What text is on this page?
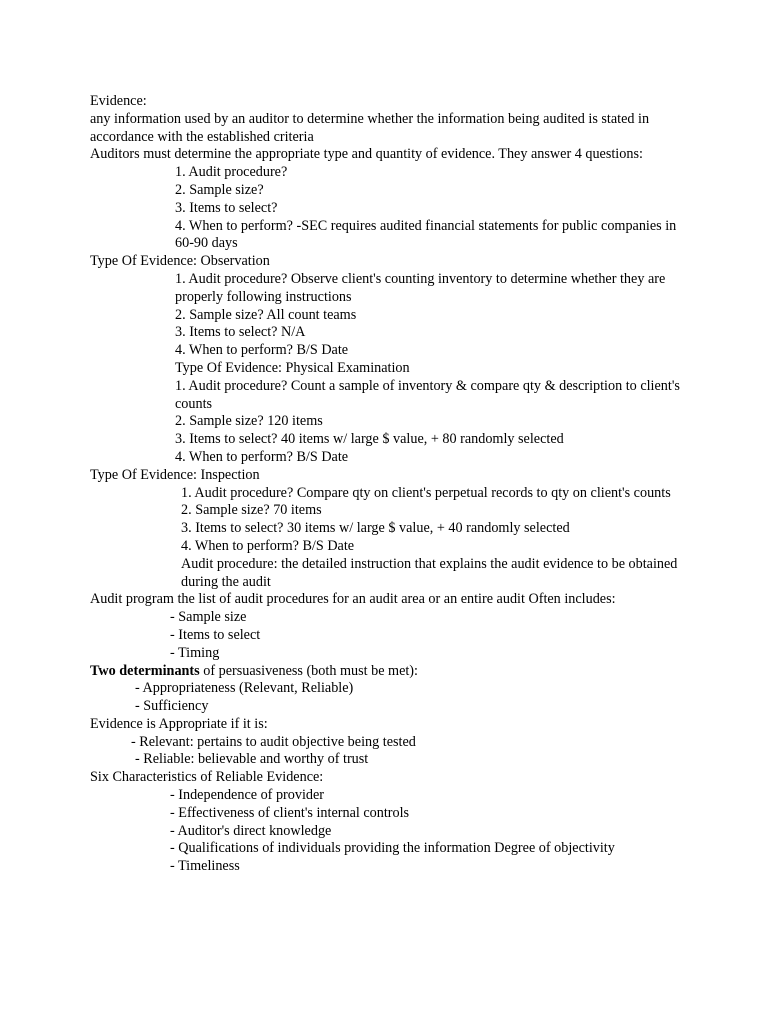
Evidence:

any information used by an auditor to determine whether the information being audited is stated in accordance with the established criteria

Auditors must determine the appropriate type and quantity of evidence. They answer 4 questions:

1. Audit procedure?

2. Sample size?

3. Items to select?

4. When to perform? -SEC requires audited financial statements for public companies in 60-90 days

Type Of Evidence: Observation

1. Audit procedure? Observe client's counting inventory to determine whether they are properly following instructions

2. Sample size? All count teams

3. Items to select? N/A

4. When to perform? B/S Date

Type Of Evidence: Physical Examination

1. Audit procedure? Count a sample of inventory & compare qty & description to client's counts

2. Sample size? 120 items

3. Items to select? 40 items w/ large $ value, + 80 randomly selected

4. When to perform? B/S Date

Type Of Evidence: Inspection

1. Audit procedure? Compare qty on client's perpetual records to qty on client's counts

2. Sample size? 70 items

3. Items to select? 30 items w/ large $ value, + 40 randomly selected

4. When to perform? B/S Date

Audit procedure: the detailed instruction that explains the audit evidence to be obtained during the audit

Audit program the list of audit procedures for an audit area or an entire audit Often includes:

- Sample size

- Items to select

- Timing

Two determinants of persuasiveness (both must be met):

- Appropriateness (Relevant, Reliable)

- Sufficiency

Evidence is Appropriate if it is:

- Relevant: pertains to audit objective being tested

- Reliable: believable and worthy of trust

Six Characteristics of Reliable Evidence:

- Independence of provider

- Effectiveness of client's internal controls

- Auditor's direct knowledge

- Qualifications of individuals providing the information Degree of objectivity

- Timeliness
